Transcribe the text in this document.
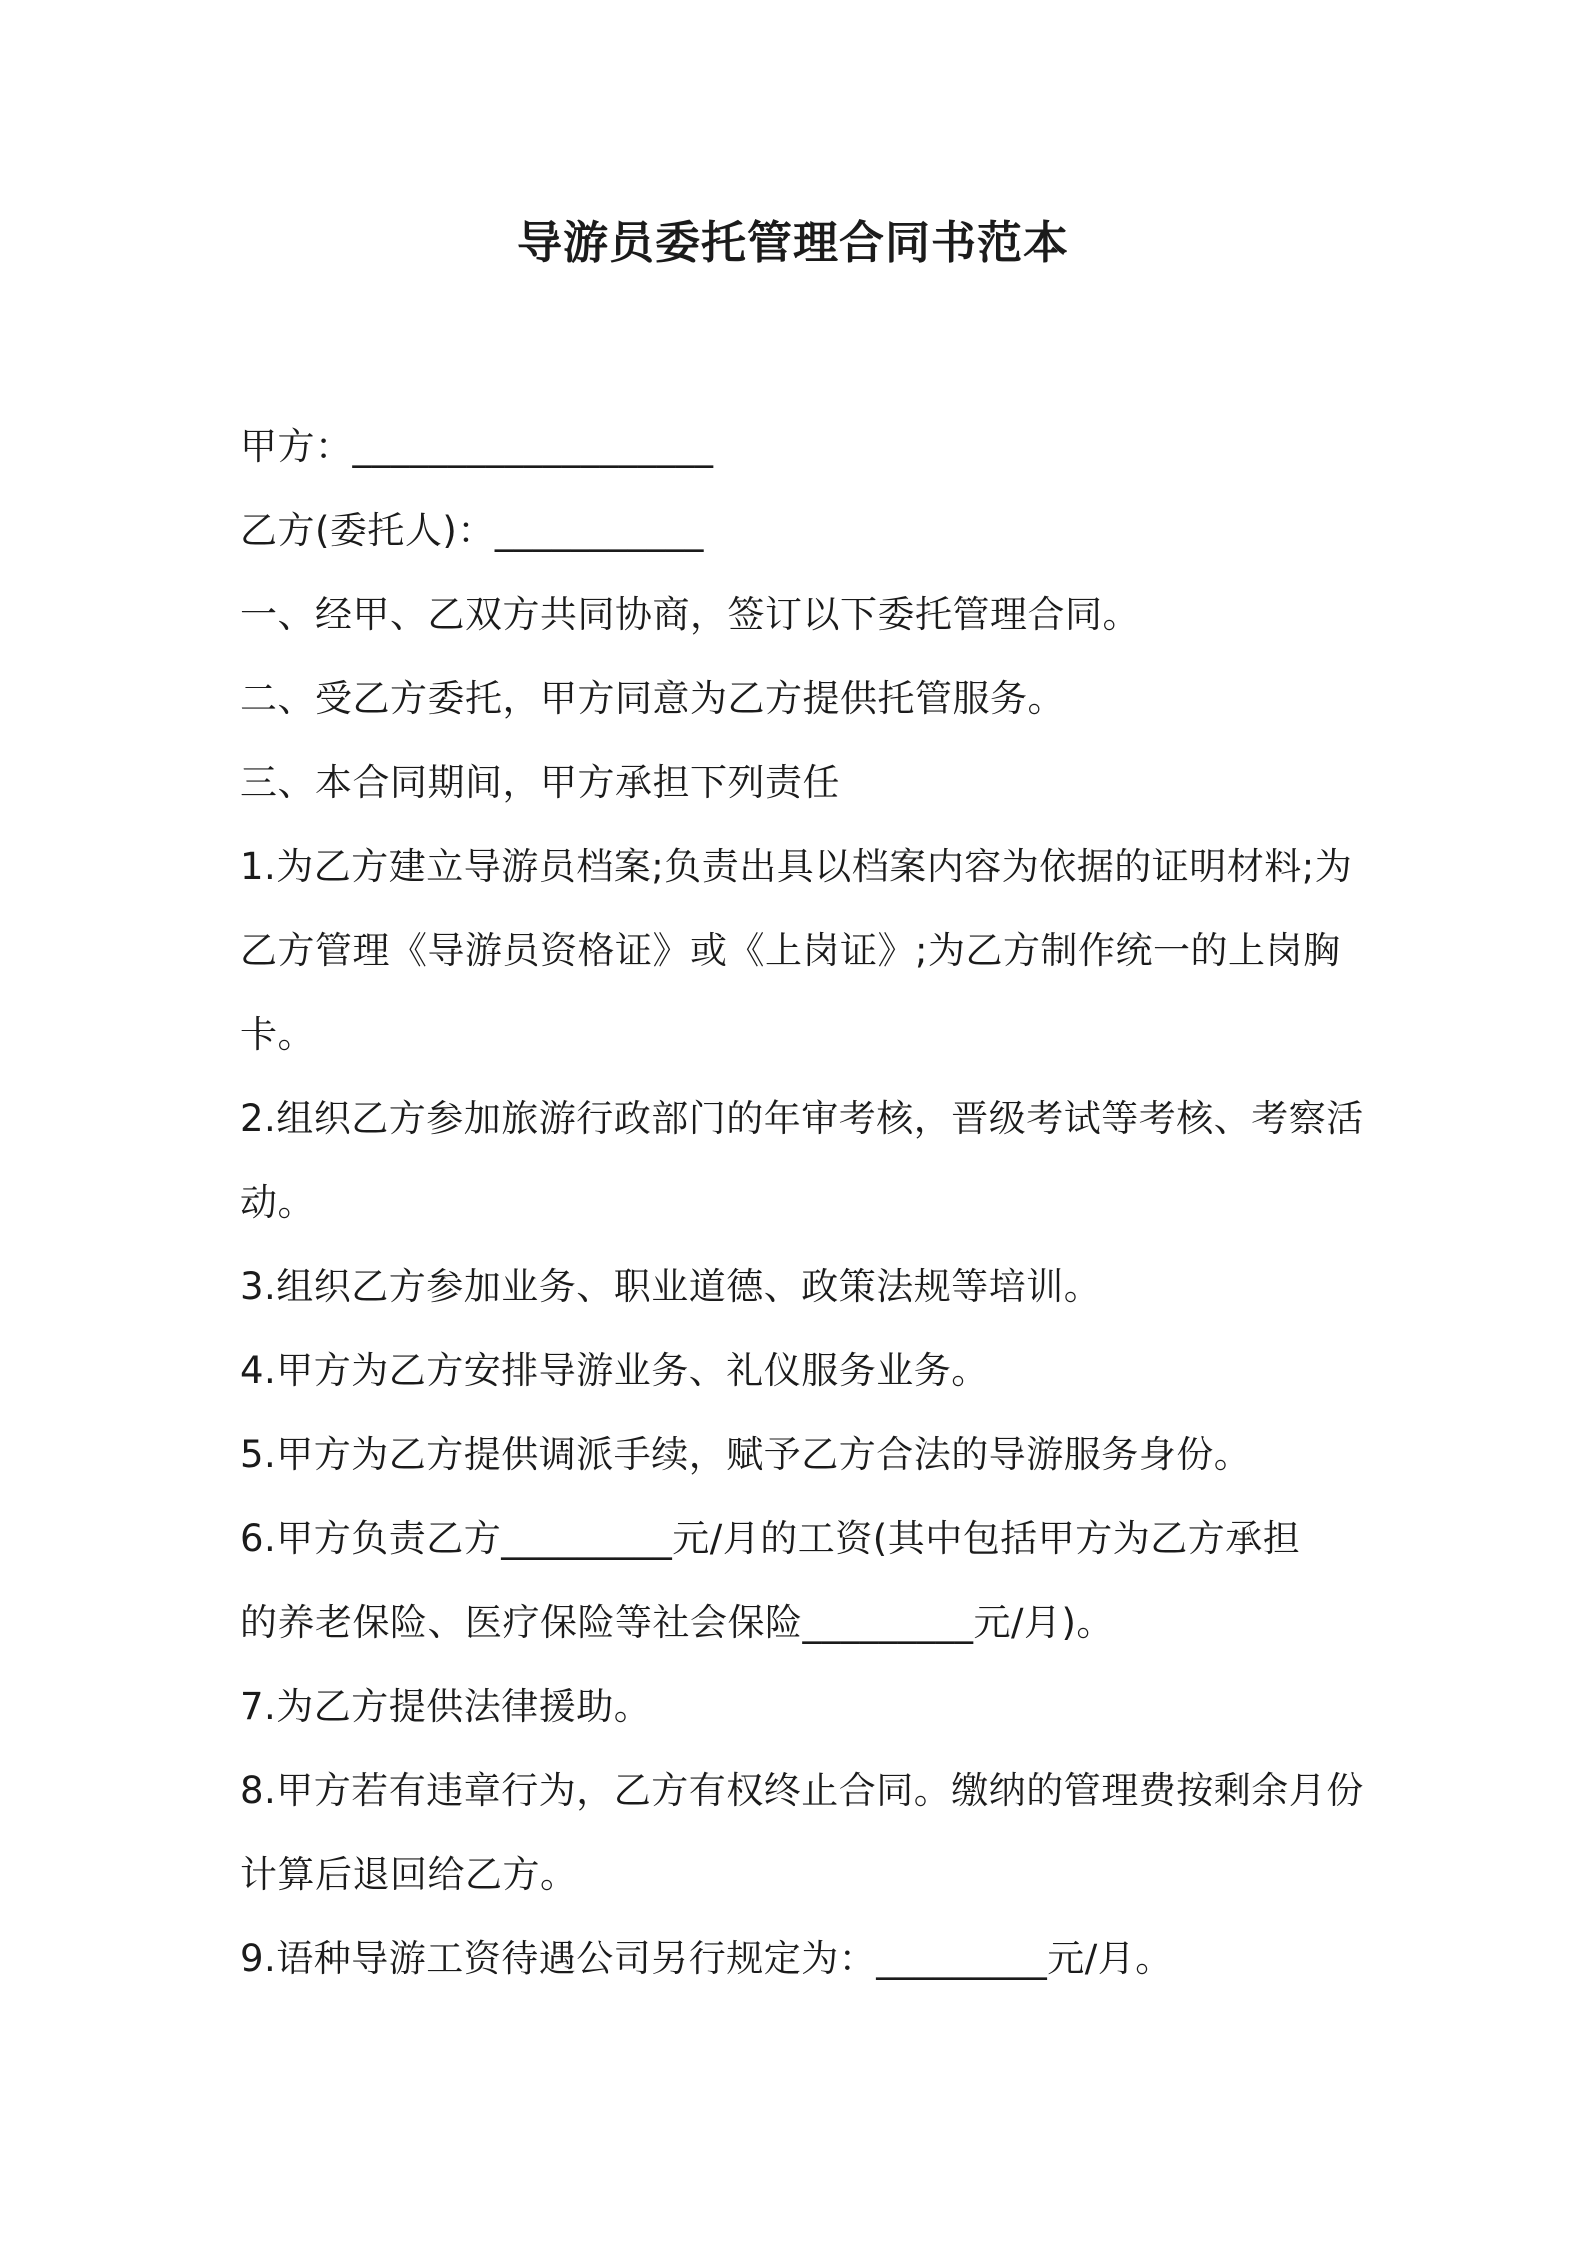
导游员委托管理合同书范本

甲方：___________________

乙方(委托人)：___________

一、经甲、乙双方共同协商，签订以下委托管理合同。

二、受乙方委托，甲方同意为乙方提供托管服务。

三、本合同期间，甲方承担下列责任

1.为乙方建立导游员档案;负责出具以档案内容为依据的证明材料;为

乙方管理《导游员资格证》或《上岗证》;为乙方制作统一的上岗胸

卡。

2.组织乙方参加旅游行政部门的年审考核，晋级考试等考核、考察活

动。

3.组织乙方参加业务、职业道德、政策法规等培训。

4.甲方为乙方安排导游业务、礼仪服务业务。

5.甲方为乙方提供调派手续，赋予乙方合法的导游服务身份。

6.甲方负责乙方_________元/月的工资(其中包括甲方为乙方承担

的养老保险、医疗保险等社会保险_________元/月)。

7.为乙方提供法律援助。

8.甲方若有违章行为，乙方有权终止合同。缴纳的管理费按剩余月份

计算后退回给乙方。

9.语种导游工资待遇公司另行规定为：_________元/月。
